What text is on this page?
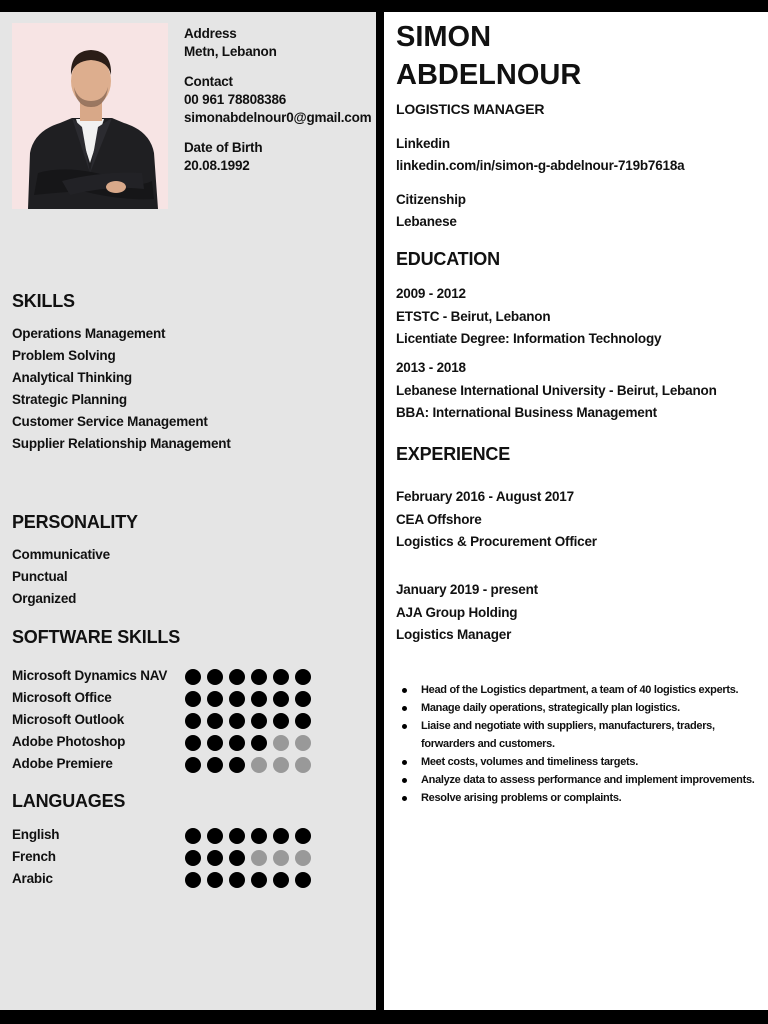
Address
Metn, Lebanon
Contact
00 961 78808386
simonabdelnour0@gmail.com
Date of Birth
20.08.1992
SKILLS
Operations Management
Problem Solving
Analytical Thinking
Strategic Planning
Customer Service Management
Supplier Relationship Management
PERSONALITY
Communicative
Punctual
Organized
SOFTWARE SKILLS
Microsoft Dynamics NAV
Microsoft Office
Microsoft Outlook
Adobe Photoshop
Adobe Premiere
LANGUAGES
English
French
Arabic
SIMON
ABDELNOUR
LOGISTICS MANAGER
Linkedin
linkedin.com/in/simon-g-abdelnour-719b7618a
Citizenship
Lebanese
EDUCATION
2009 - 2012
ETSTC - Beirut, Lebanon
Licentiate Degree: Information Technology
2013 - 2018
Lebanese International University - Beirut, Lebanon
BBA: International Business Management
EXPERIENCE
February 2016 - August 2017
CEA Offshore
Logistics & Procurement Officer
January 2019 - present
AJA Group Holding
Logistics Manager
Head of the Logistics department, a team of 40 logistics experts.
Manage daily operations, strategically plan logistics.
Liaise and negotiate with suppliers, manufacturers, traders, forwarders and customers.
Meet costs, volumes and timeliness targets.
Analyze data to assess performance and implement improvements.
Resolve arising problems or complaints.
